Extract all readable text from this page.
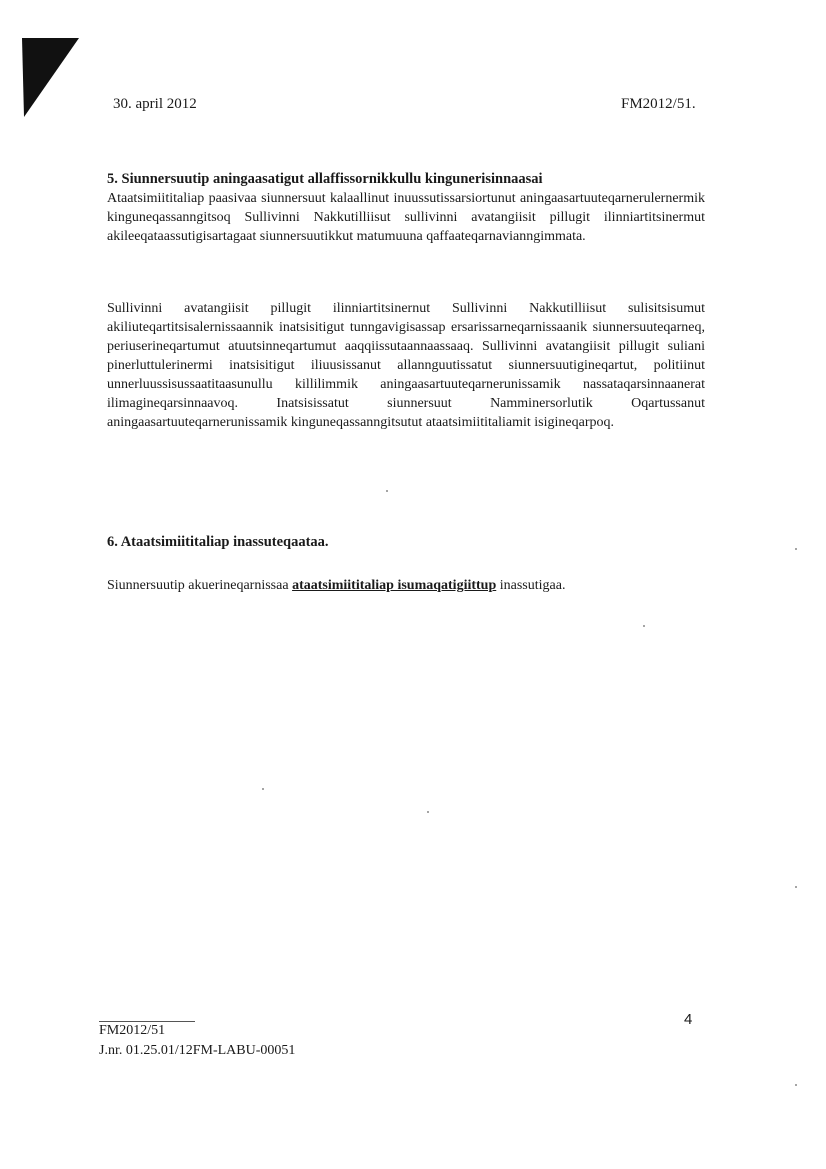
30. april 2012	FM2012/51.

5. Siunnersuutip aningaasatigut allaffissornikkullu kingunerisinnaasai

Ataatsimiititaliap paasivaa siunnersuut kalaallinut inuussutissarsiortunut aningaasartuuteqarnerulernermik kinguneqassanngitsoq Sullivinni Nakkutilliisut sullivinni avatangiisit pillugit ilinniartitsinermut akileeqataassutigisartagaat siunnersuutikkut matumuuna qaffaateqarnavianngimmata.

Sullivinni avatangiisit pillugit ilinniartitsinernut Sullivinni Nakkutilliisut sulisitsisumut akiliuteqartitsisalernissaannik inatsisitigut tunngavigisassap ersarissarneqarnissaanik siunnersuuteqarneq, periuserineqartumut atuutsinneqartumut aaqqiissutaannaassaaq. Sullivinni avatangiisit pillugit suliani pinerluttulerinermi inatsisitigut iliuusissanut allannguutissatut siunnersuutigineqartut, politiinut unnerluussisussaatitaasunullu killilimmik aningaasartuuteqarnerunissamik nassataqarsinnaanerat ilimagineqarsinnaavoq. Inatsisissatut siunnersuut Namminersorlutik Oqartussanut aningaasartuuteqarnerunissamik kinguneqassanngitsutut ataatsimiititaliamit isigineqarpoq.

6. Ataatsimiititaliap inassuteqaataa.

Siunnersuutip akuerineqarnissaa ataatsimiititaliap isumaqatigiittup inassutigaa.

4
FM2012/51
J.nr. 01.25.01/12FM-LABU-00051
